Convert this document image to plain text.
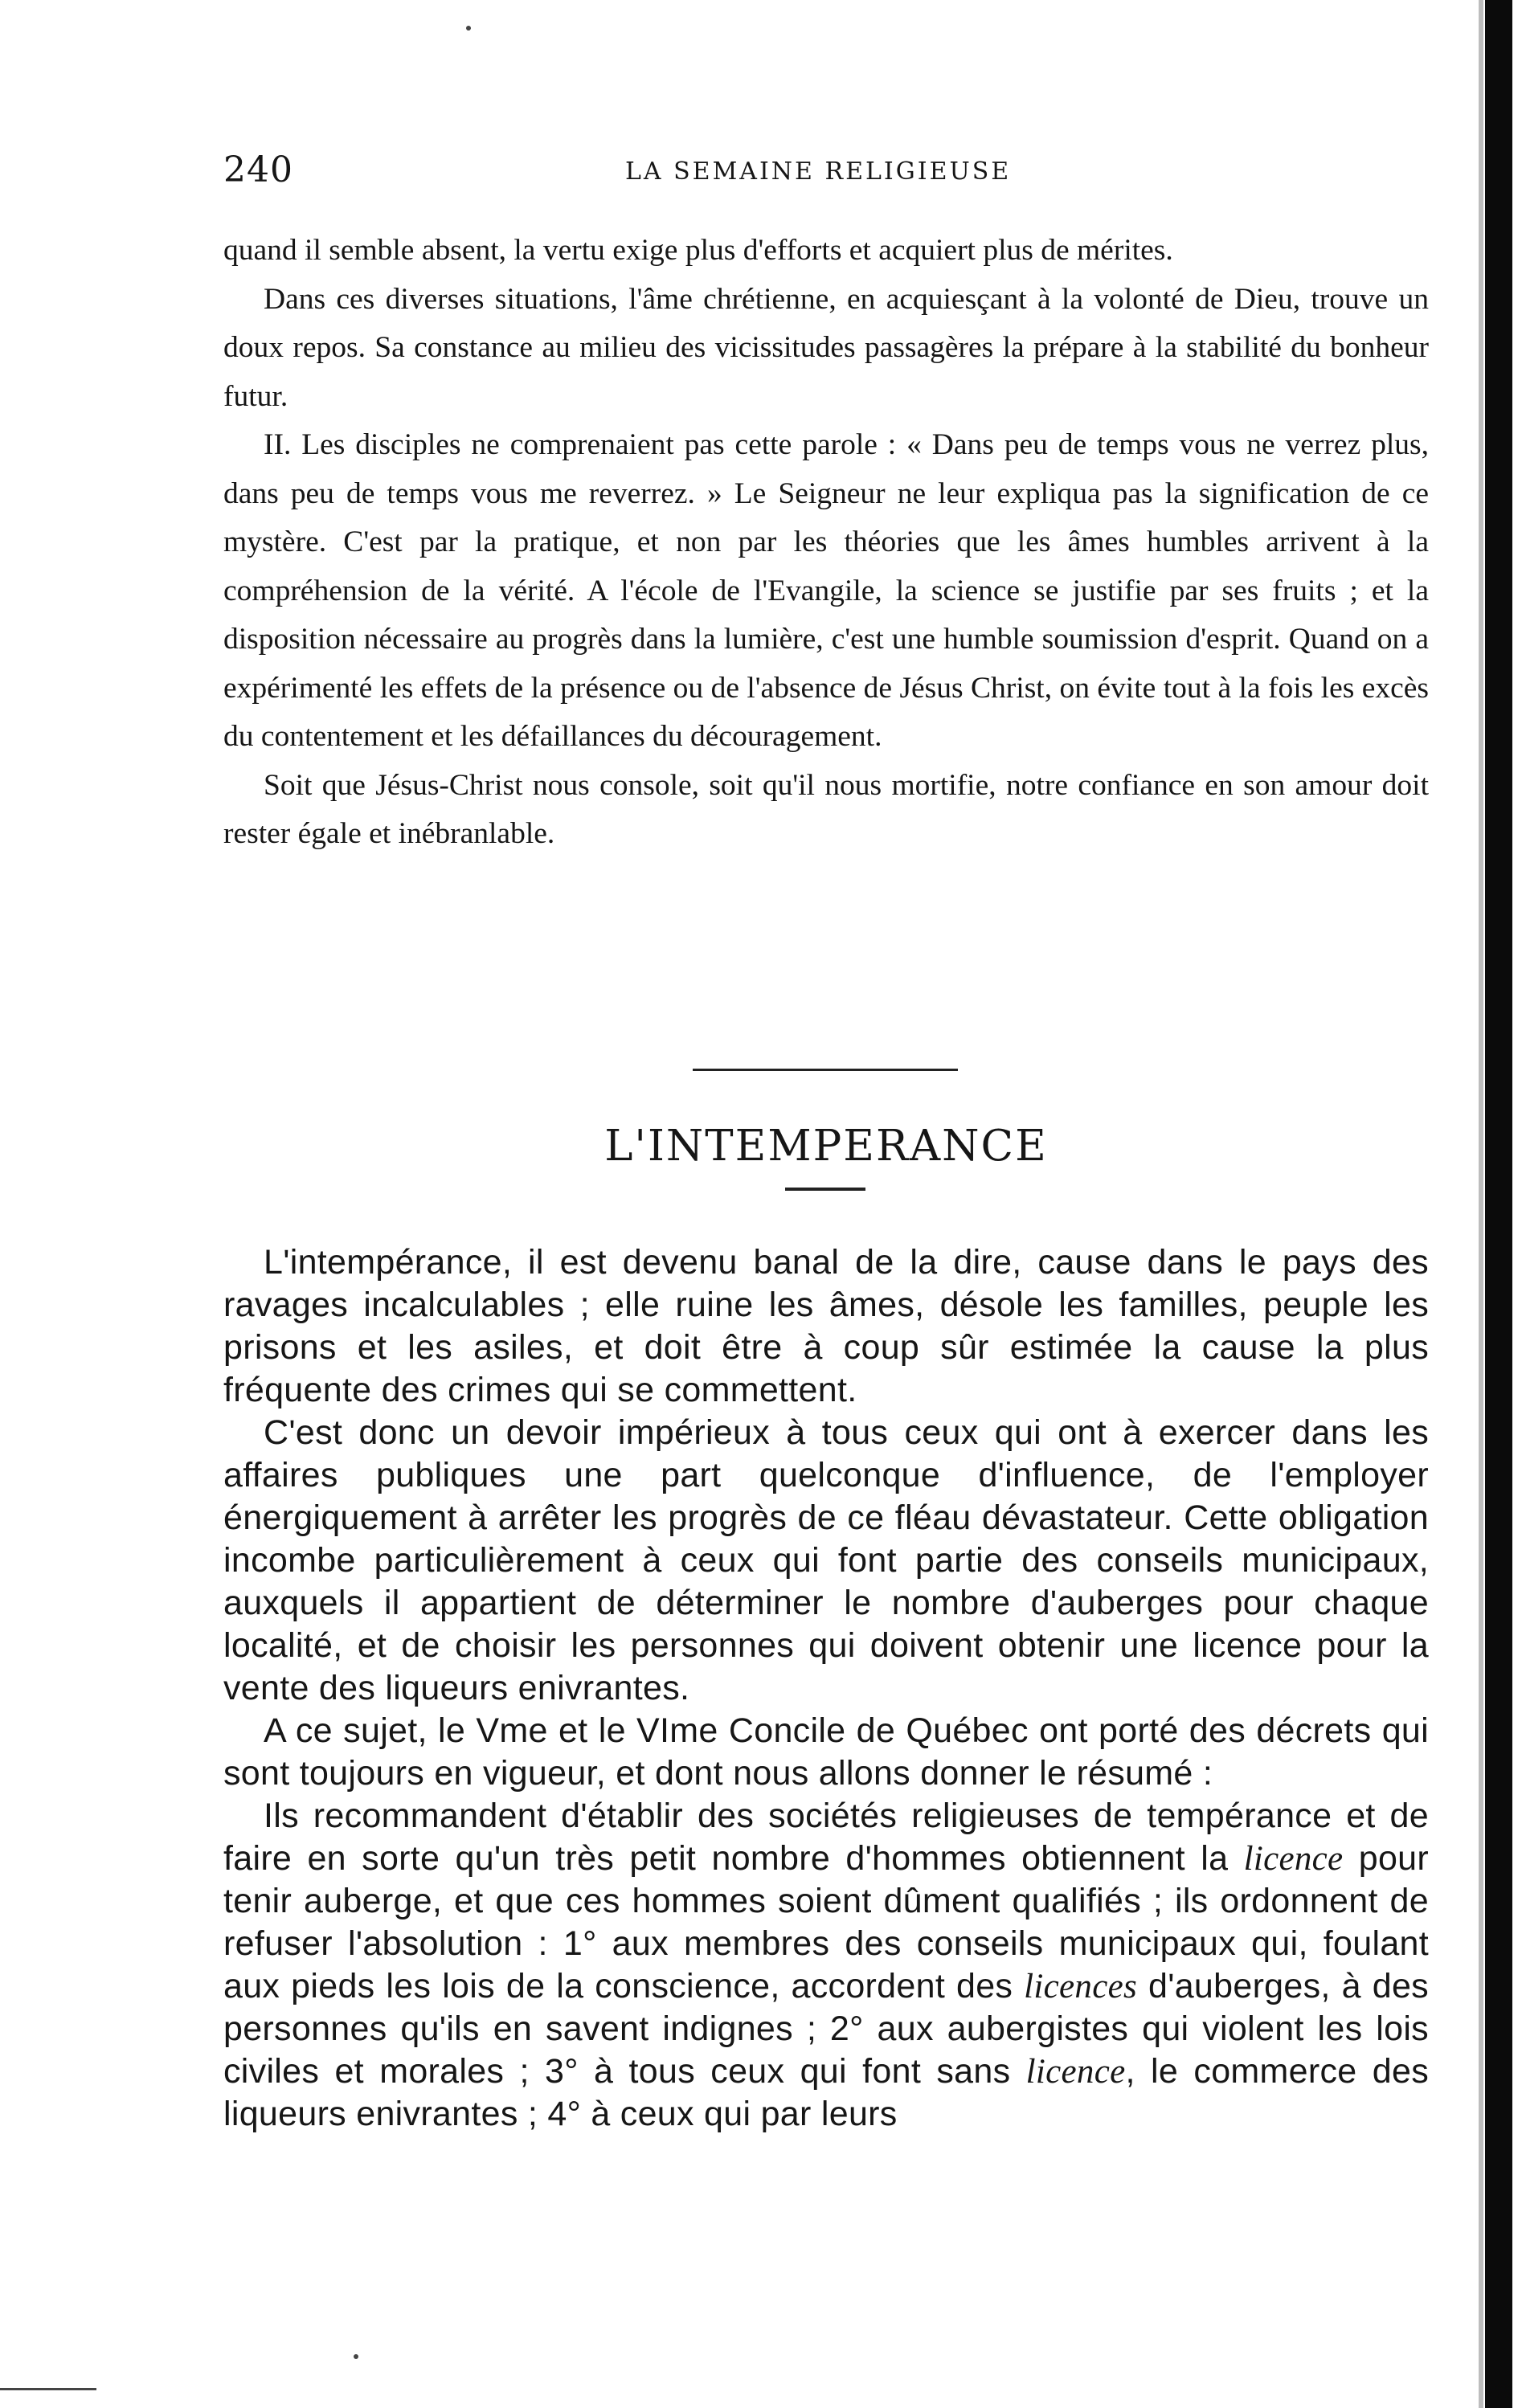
240	LA SEMAINE RELIGIEUSE

quand il semble absent, la vertu exige plus d'efforts et acquiert plus de mérites.

Dans ces diverses situations, l'âme chrétienne, en acquiesçant à la volonté de Dieu, trouve un doux repos. Sa constance au milieu des vicissitudes passagères la prépare à la stabilité du bonheur futur.

II. Les disciples ne comprenaient pas cette parole : « Dans peu de temps vous ne verrez plus, dans peu de temps vous me reverrez. » Le Seigneur ne leur expliqua pas la signification de ce mystère. C'est par la pratique, et non par les théories que les âmes humbles arrivent à la compréhension de la vérité. A l'école de l'Evangile, la science se justifie par ses fruits ; et la disposition nécessaire au progrès dans la lumière, c'est une humble soumission d'esprit. Quand on a expérimenté les effets de la présence ou de l'absence de Jésus Christ, on évite tout à la fois les excès du contentement et les défaillances du découragement.

Soit que Jésus-Christ nous console, soit qu'il nous mortifie, notre confiance en son amour doit rester égale et inébranlable.

L'INTEMPERANCE

L'intempérance, il est devenu banal de la dire, cause dans le pays des ravages incalculables ; elle ruine les âmes, désole les familles, peuple les prisons et les asiles, et doit être à coup sûr estimée la cause la plus fréquente des crimes qui se commettent.

C'est donc un devoir impérieux à tous ceux qui ont à exercer dans les affaires publiques une part quelconque d'influence, de l'employer énergiquement à arrêter les progrès de ce fléau dévastateur. Cette obligation incombe particulièrement à ceux qui font partie des conseils municipaux, auxquels il appartient de déterminer le nombre d'auberges pour chaque localité, et de choisir les personnes qui doivent obtenir une licence pour la vente des liqueurs enivrantes.

A ce sujet, le Vme et le VIme Concile de Québec ont porté des décrets qui sont toujours en vigueur, et dont nous allons donner le résumé :

Ils recommandent d'établir des sociétés religieuses de tempérance et de faire en sorte qu'un très petit nombre d'hommes obtiennent la licence pour tenir auberge, et que ces hommes soient dûment qualifiés ; ils ordonnent de refuser l'absolution : 1° aux membres des conseils municipaux qui, foulant aux pieds les lois de la conscience, accordent des licences d'auberges, à des personnes qu'ils en savent indignes ; 2° aux aubergistes qui violent les lois civiles et morales ; 3° à tous ceux qui font sans licence, le commerce des liqueurs enivrantes ; 4° à ceux qui par leurs
